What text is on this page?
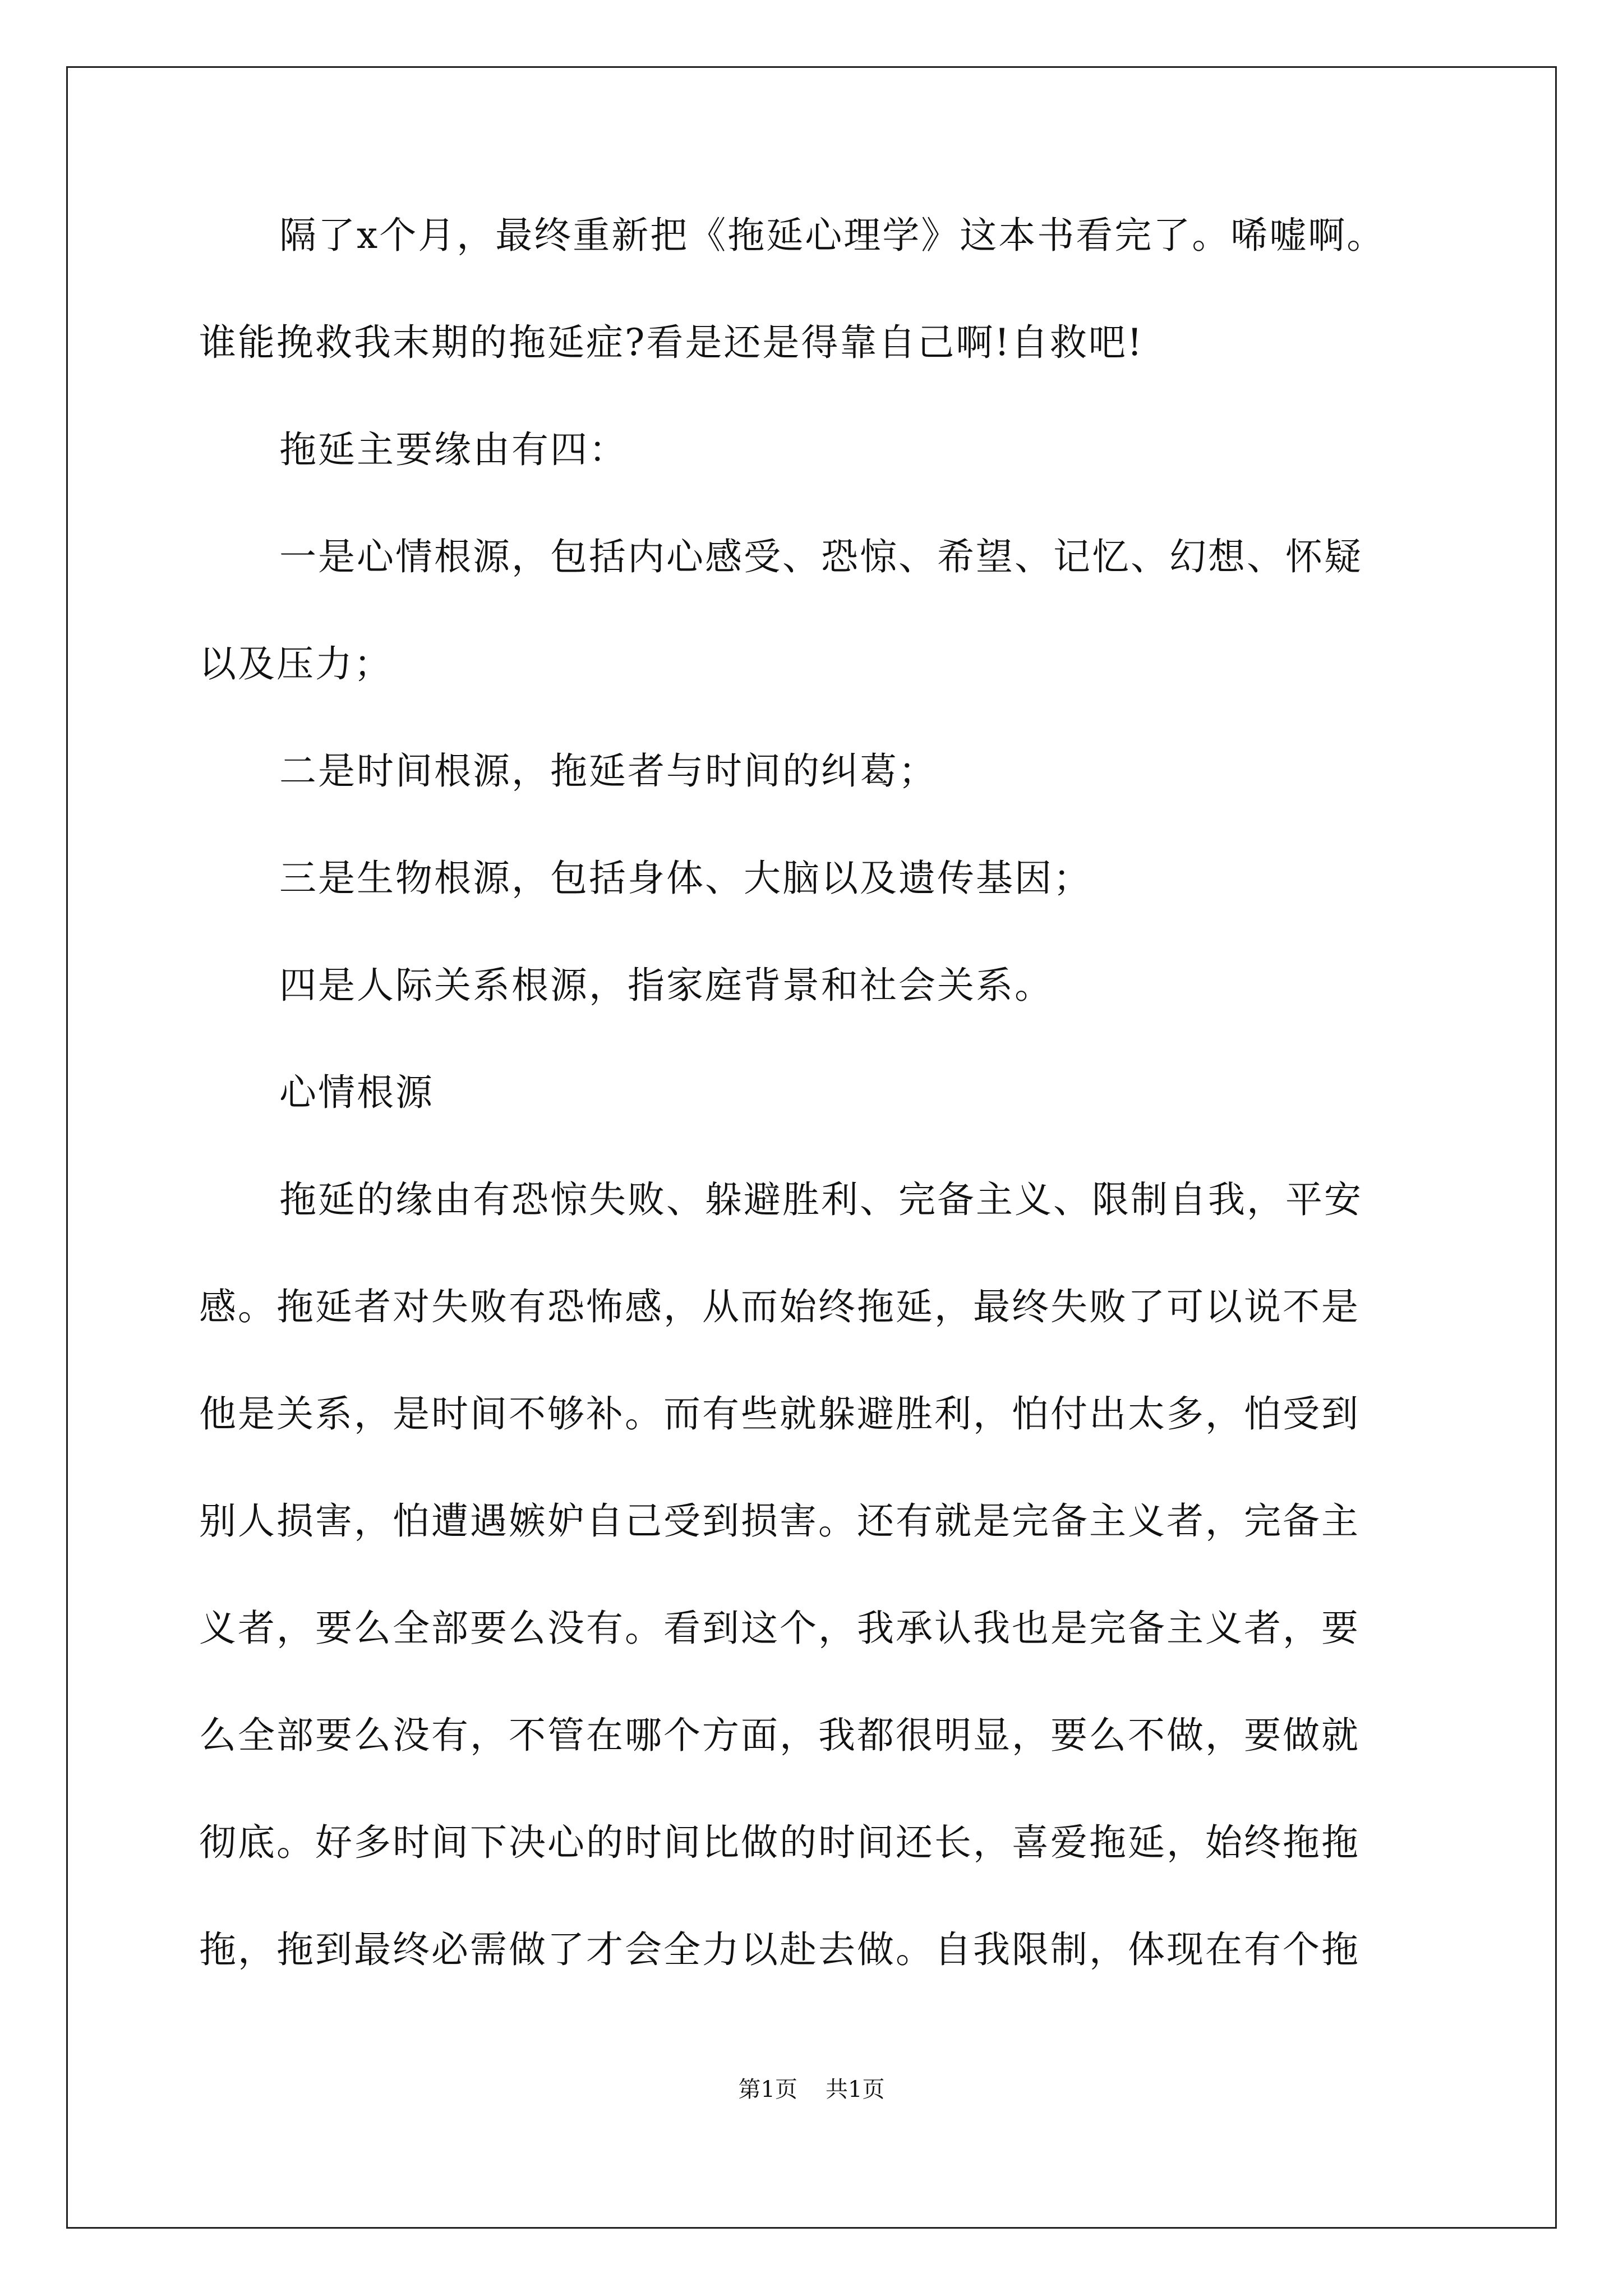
隔了x个月，最终重新把《拖延心理学》这本书看完了。唏嘘啊。
谁能挽救我末期的拖延症?看是还是得靠自己啊!自救吧!
拖延主要缘由有四：
一是心情根源，包括内心感受、恐惊、希望、记忆、幻想、怀疑
以及压力；
二是时间根源，拖延者与时间的纠葛；
三是生物根源，包括身体、大脑以及遗传基因；
四是人际关系根源，指家庭背景和社会关系。
心情根源
拖延的缘由有恐惊失败、躲避胜利、完备主义、限制自我，平安
感。拖延者对失败有恐怖感，从而始终拖延，最终失败了可以说不是
他是关系，是时间不够补。而有些就躲避胜利，怕付出太多，怕受到
别人损害，怕遭遇嫉妒自己受到损害。还有就是完备主义者，完备主
义者，要么全部要么没有。看到这个，我承认我也是完备主义者，要
么全部要么没有，不管在哪个方面，我都很明显，要么不做，要做就
彻底。好多时间下决心的时间比做的时间还长，喜爱拖延，始终拖拖
拖，拖到最终必需做了才会全力以赴去做。自我限制，体现在有个拖
第1页 共1页
